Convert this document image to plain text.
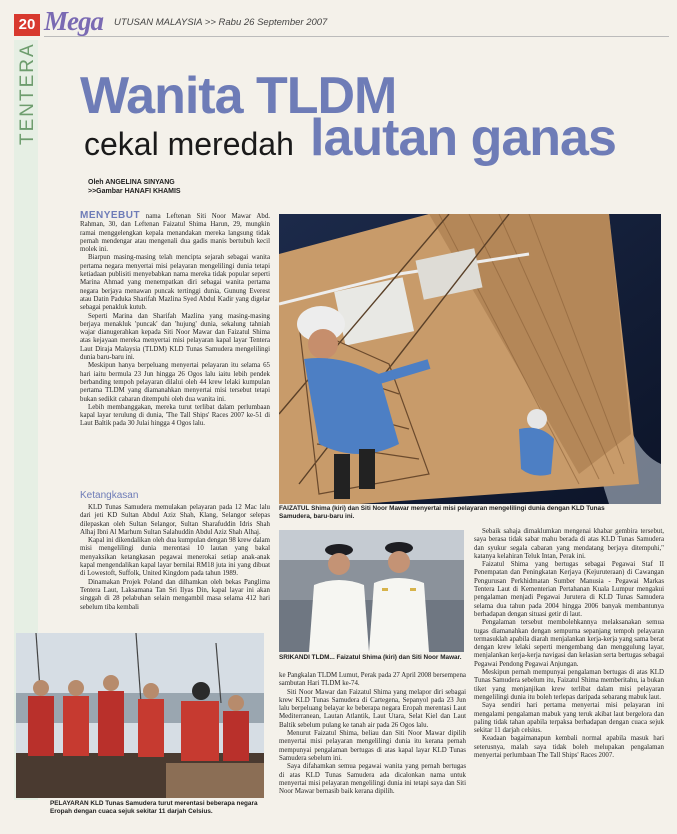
20 Mega UTUSAN MALAYSIA >> Rabu 26 September 2007
TENTERA Wanita TLDM
cekal meredah lautan ganas
Oleh ANGELINA SINYANG
>>Gambar HANAFI KHAMIS

MENYEBUT nama Leftenan Siti Noor Mawar Abd. Rahman, 30, dan Leftenan Faizatul Shima Harun, 29, mungkin ramai menggelengkan kepala menandakan mereka langsung tidak pernah mendengar atau mengenali dua gadis manis bertubuh kecil molek ini.

Biarpun masing-masing telah mencipta sejarah sebagai wanita pertama negara menyertai misi pelayaran mengelilingi dunia tetapi ketiadaan publisiti menyebabkan nama mereka tidak popular seperti Marina Ahmad yang menempatkan diri sebagai wanita pertama negara berjaya menawan puncak tertinggi dunia, Gunung Everest atau Datin Paduka Sharifah Mazlina Syed Abdul Kadir yang digelar sebagai penakluk kutub.

Seperti Marina dan Sharifah Mazlina yang masing-masing berjaya menakluk 'puncak' dan 'hujung' dunia, sekalung tahniah wajar dianugerahkan kepada Siti Noor Mawar dan Faizatul Shima atas kejayaan mereka menyertai misi pelayaran kapal layar Tentera Laut Diraja Malaysia (TLDM) KLD Tunas Samudera mengelilingi dunia baru-baru ini.

Meskipun hanya berpeluang menyertai pelayaran itu selama 65 hari iaitu bermula 23 Jun hingga 26 Ogos lalu iaitu lebih pendek berbanding tempoh pelayaran dilalui oleh 44 krew lelaki kumpulan pertama TLDM yang diamanahkan menyertai misi tersebut tetapi bukan sedikit cabaran ditempuhi oleh dua wanita ini.

Lebih membanggakan, mereka turut terlibat dalam perlumbaan kapal layar terulung di dunia, 'The Tall Ships' Races 2007 ke-51 di Laut Baltik pada 30 Julai hingga 4 Ogos lalu.

Ketangkasan

KLD Tunas Samudera memulakan pelayaran pada 12 Mac lalu dari jeti KD Sultan Abdul Aziz Shah, Klang, Selangor selepas dilepaskan oleh Sultan Selangor, Sultan Sharafuddin Idris Shah Alhaj Ibni Al Marhum Sultan Salahuddin Abdul Aziz Shah Alhaj.

Kapal ini dikendalikan oleh dua kumpulan dengan 98 krew dalam misi mengelilingi dunia merentasi 10 lautan yang bakal menyaksikan ketangkasan pegawai menerokai setiap anak-anak kapal mengendalikan kapal layar bernilai RM18 juta ini yang dibuat di Lowestoft, Suffolk, United Kingdom pada tahun 1989.

Dinamakan Projek Poland dan dilhamkan oleh bekas Panglima Tentera Laut, Laksamana Tan Sri Ilyas Din, kapal layar ini akan singgah di 28 pelabuhan selain mengambil masa selama 412 hari sebelum tiba kembali

FAIZATUL Shima (kiri) dan Siti Noor Mawar menyertai misi pelayaran mengelilingi dunia dengan KLD Tunas Samudera, baru-baru ini.
SRIKANDI TLDM... Faizatul Shima (kiri) dan Siti Noor Mawar.
PELAYARAN KLD Tunas Samudera turut merentasi beberapa negara Eropah dengan cuaca sejuk sekitar 11 darjah Celsius.

ke Pangkalan TLDM Lumut, Perak pada 27 April 2008 bersempena sambutan Hari TLDM ke-74.

Siti Noor Mawar dan Faizatul Shima yang melapor diri sebagai krew KLD Tunas Samudera di Cartegena, Sepanyol pada 23 Jun lalu berpeluang belayar ke beberapa negara Eropah merentasi Laut Mediterranean, Lautan Atlantik, Laut Utara, Selat Kiel dan Laut Baltik sebelum pulang ke tanah air pada 26 Ogos lalu.

Menurut Faizatul Shima, beliau dan Siti Noor Mawar dipilih menyertai misi pelayaran mengelilingi dunia itu kerana pernah mempunyai pengalaman bertugas di atas kapal layar KLD Tunas Samudera sebelum ini.

Saya difahamkan semua pegawai wanita yang pernah bertugas di atas KLD Tunas Samudera ada dicalonkan nama untuk menyertai misi pelayaran mengelilingi dunia ini tetapi saya dan Siti Noor Mawar bernasib baik kerana dipilih.

Sebaik sahaja dimaklumkan mengenai khabar gembira tersebut, saya berasa tidak sabar mahu berada di atas KLD Tunas Samudera dan syukur segala cabaran yang mendatang berjaya ditempuhi," katanya kelahiran Teluk Intan, Perak ini.

Faizatul Shima yang bertugas sebagai Pegawai Staf II Penempatan dan Peningkatan Kerjaya (Kejuruteraan) di Cawangan Pengurusan Perkhidmatan Sumber Manusia - Pegawai Markas Tentera Laut di Kementerian Pertahanan Kuala Lumpur mengakui pengalaman menjadi Pegawai Jurutera di KLD Tunas Samudera selama dua tahun pada 2004 hingga 2006 banyak membantunya berhadapan dengan situasi getir di laut.

Pengalaman tersebut membolehkannya melaksanakan semua tugas diamanahkan dengan sempurna sepanjang tempoh pelayaran termasuklah apabila diarah menjalankan kerja-kerja yang sama berat dengan krew lelaki seperti mengembang dan menggulung layar, menjalankan kerja-kerja navigasi dan kelasian serta bertugas sebagai Pegawai Pendong Pegawai Anjungan.

Meskipun pernah mempunyai pengalaman bertugas di atas KLD Tunas Samudera sebelum itu, Faizatul Shima memberitahu, ia bukan tiket yang menjanjikan krew terlibat dalam misi pelayaran mengelilingi dunia itu boleh terlepas daripada sebarang mabuk laut.

Saya sendiri hari pertama menyertai misi pelayaran ini mengalami pengalaman mabuk yang teruk akibat laut bergelora dan paling tidak tahan apabila terpaksa berhadapan dengan cuaca sejuk sekitar 11 darjah celsius.

Keadaan bagaimanapun kembali normal apabila masuk hari seterusnya, malah saya tidak boleh melupakan pengalaman menyertai perlumbaan The Tall Ships' Races 2007.
